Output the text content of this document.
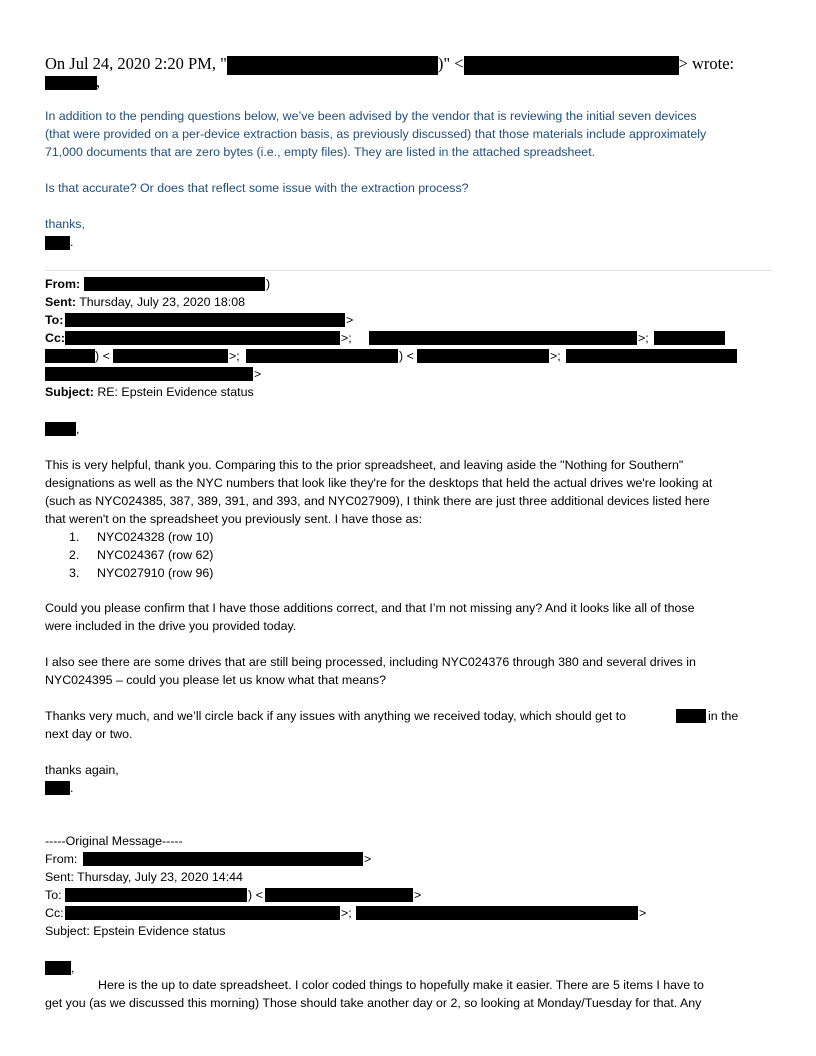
On Jul 24, 2020 2:20 PM, "	)" <	> wrote:
,
In addition to the pending questions below, we’ve been advised by the vendor that is reviewing the initial seven devices
(that were provided on a per-device extraction basis, as previously discussed) that those materials include approximately
71,000 documents that are zero bytes (i.e., empty files). They are listed in the attached spreadsheet.
Is that accurate? Or does that reflect some issue with the extraction process?
thanks,
.
From:	)
Sent: Thursday, July 23, 2020 18:08
To:	>
Cc:	>;	>;
) <	>;	) <	>;
>
Subject: RE: Epstein Evidence status
,
This is very helpful, thank you. Comparing this to the prior spreadsheet, and leaving aside the "Nothing for Southern"
designations as well as the NYC numbers that look like they're for the desktops that held the actual drives we're looking at
(such as NYC024385, 387, 389, 391, and 393, and NYC027909), I think there are just three additional devices listed here
that weren't on the spreadsheet you previously sent. I have those as:
1. NYC024328 (row 10)
2. NYC024367 (row 62)
3. NYC027910 (row 96)
Could you please confirm that I have those additions correct, and that I’m not missing any? And it looks like all of those
were included in the drive you provided today.
I also see there are some drives that are still being processed, including NYC024376 through 380 and several drives in
NYC024395 – could you please let us know what that means?
Thanks very much, and we’ll circle back if any issues with anything we received today, which should get to	in the
next day or two.
thanks again,
.
-----Original Message-----
From:	>
Sent: Thursday, July 23, 2020 14:44
To:	) <	>
Cc:	>;	>
Subject: Epstein Evidence status
,
Here is the up to date spreadsheet. I color coded things to hopefully make it easier. There are 5 items I have to
get you (as we discussed this morning) Those should take another day or 2, so looking at Monday/Tuesday for that. Any
